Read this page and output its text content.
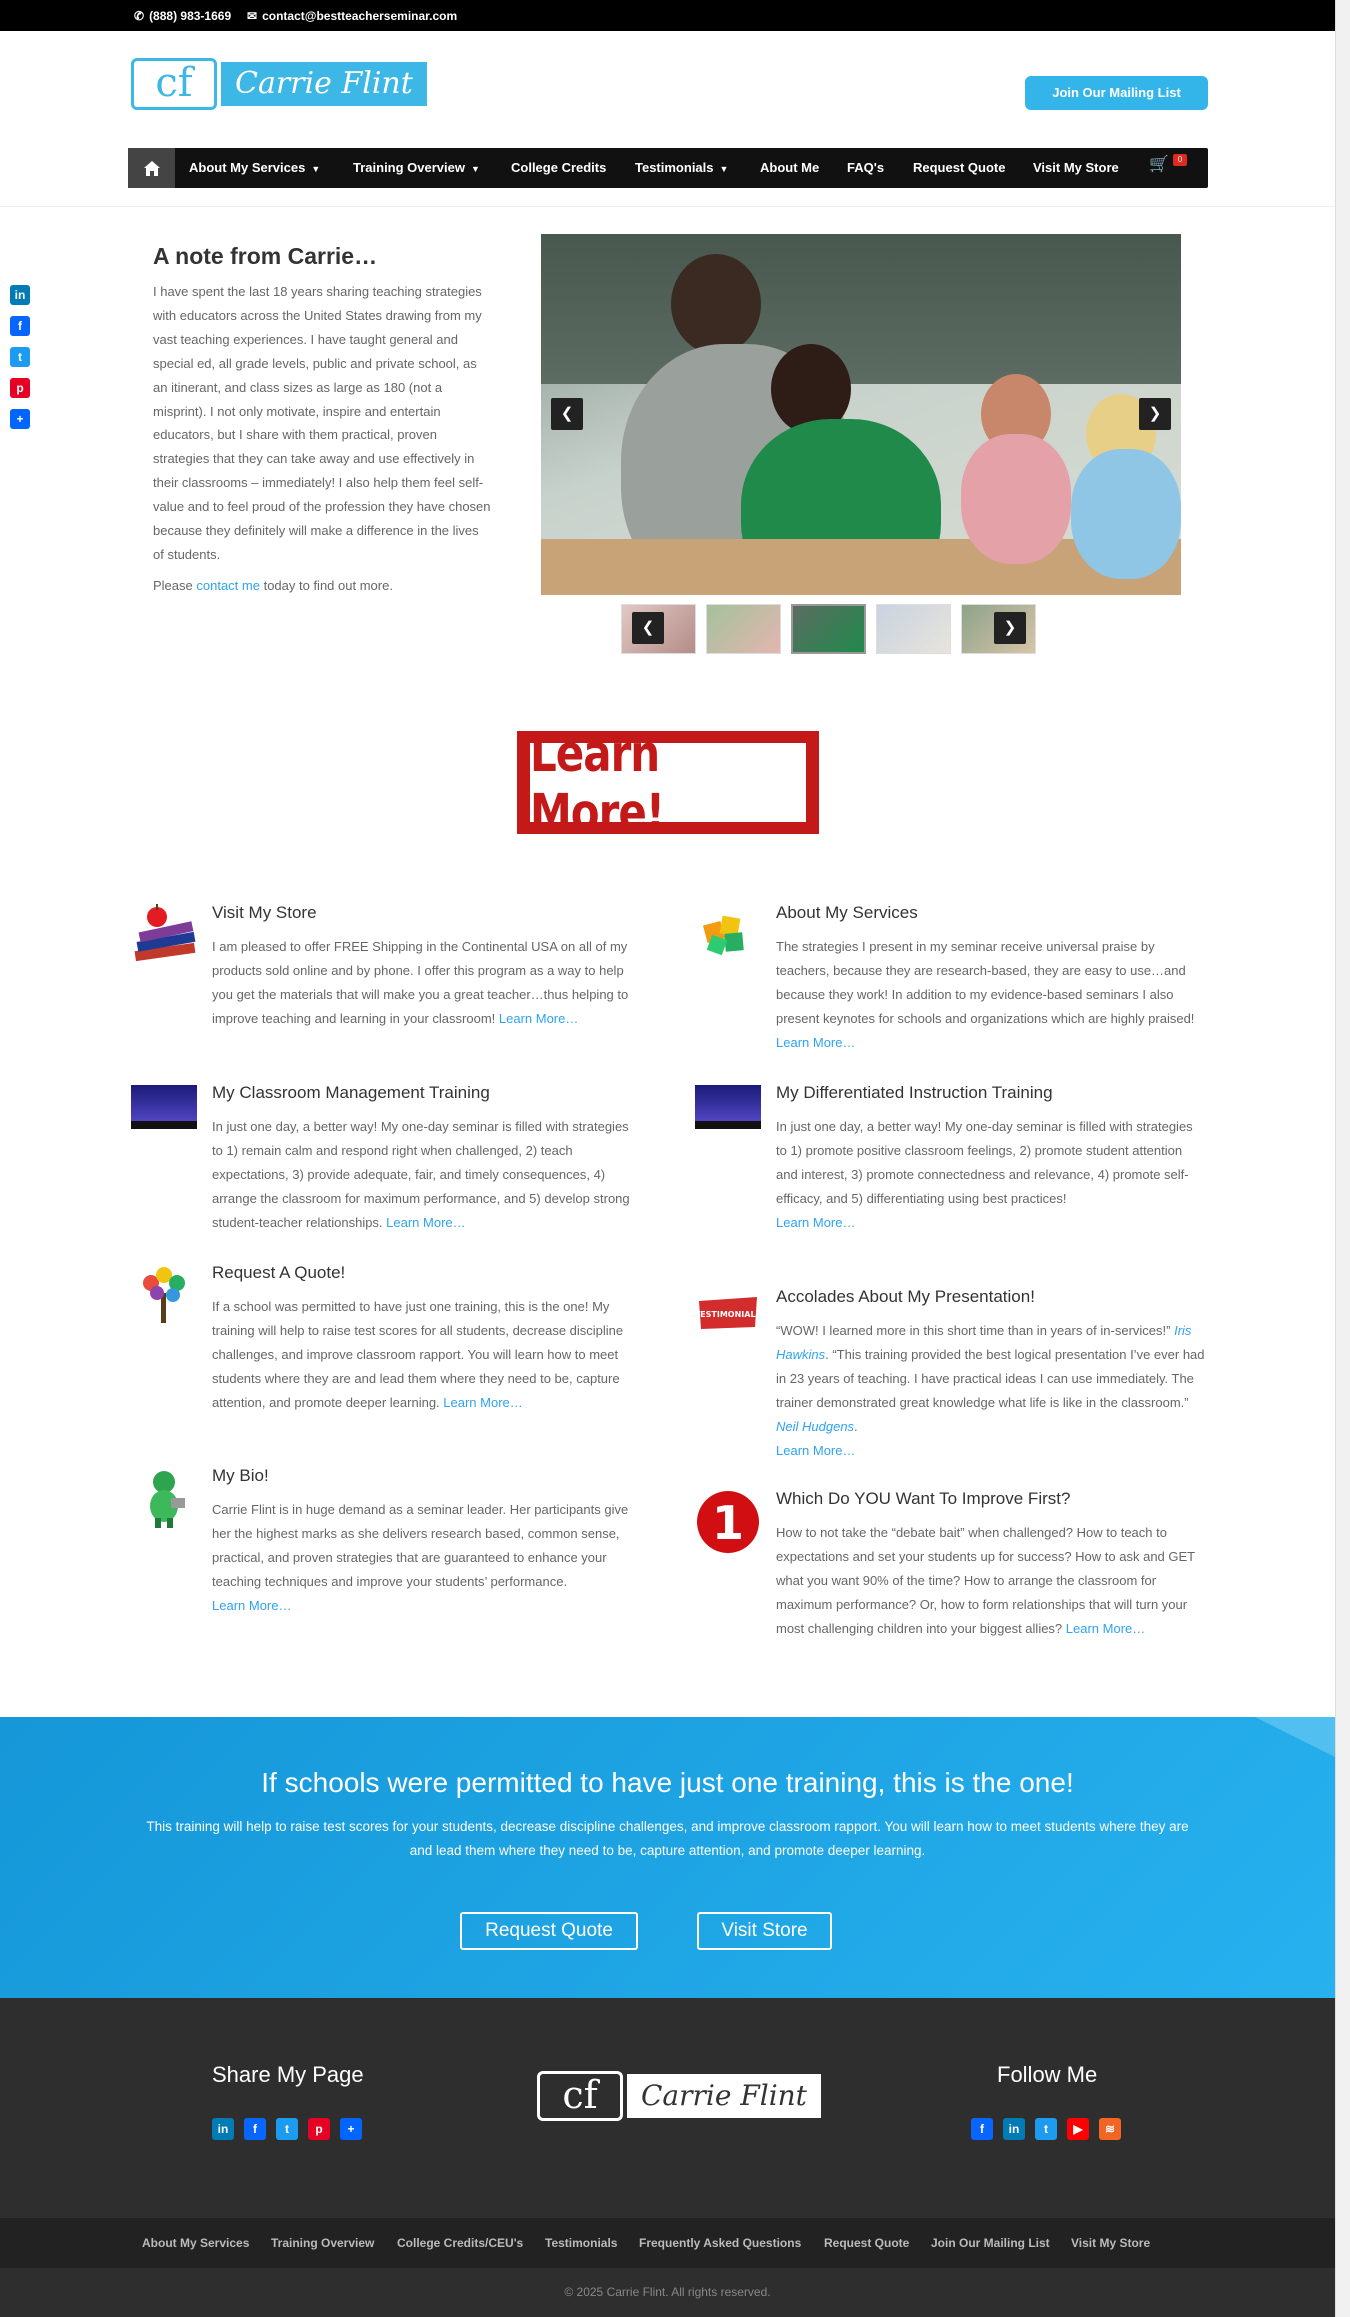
✆ (888) 983-1669 ✉ contact@bestteacherseminar.com
cf	Carrie Flint	Join Our Mailing List
About My Services ▼	Training Overview ▼ College Credits Testimonials ▼ About Me FAQ's Request Quote Visit My Store 🛒	0
in
f
t
p
+
A note from Carrie…

I have spent the last 18 years sharing teaching strategies with educators across the United States drawing from my vast teaching experiences. I have taught general and special ed, all grade levels, public and private school, as an itinerant, and class sizes as large as 180 (not a misprint). I not only motivate, inspire and entertain educators, but I share with them practical, proven strategies that they can take away and use effectively in their classrooms – immediately! I also help them feel self-value and to feel proud of the profession they have chosen because they definitely will make a difference in the lives of students.

Please contact me today to find out more.

❮	❯
❮	❯
Learn More!
Visit My Store

I am pleased to offer FREE Shipping in the Continental USA on all of my products sold online and by phone. I offer this program as a way to help you get the materials that will make you a great teacher…thus helping to improve teaching and learning in your classroom! Learn More…

My Classroom Management Training

In just one day, a better way! My one-day seminar is filled with strategies to 1) remain calm and respond right when challenged, 2) teach expectations, 3) provide adequate, fair, and timely consequences, 4) arrange the classroom for maximum performance, and 5) develop strong student-teacher relationships. Learn More…

Request A Quote!

If a school was permitted to have just one training, this is the one! My training will help to raise test scores for all students, decrease discipline challenges, and improve classroom rapport. You will learn how to meet students where they are and lead them where they need to be, capture attention, and promote deeper learning. Learn More…

My Bio!

Carrie Flint is in huge demand as a seminar leader. Her participants give her the highest marks as she delivers research based, common sense, practical, and proven strategies that are guaranteed to enhance your teaching techniques and improve your students’ performance.
Learn More…

About My Services

The strategies I present in my seminar receive universal praise by teachers, because they are research-based, they are easy to use…and because they work! In addition to my evidence-based seminars I also present keynotes for schools and organizations which are highly praised! Learn More…

My Differentiated Instruction Training

In just one day, a better way! My one-day seminar is filled with strategies to 1) promote positive classroom feelings, 2) promote student attention and interest, 3) promote connectedness and relevance, 4) promote self-efficacy, and 5) differentiating using best practices!
Learn More…

TESTIMONIALS
Accolades About My Presentation!

“WOW! I learned more in this short time than in years of in-services!” Iris Hawkins. “This training provided the best logical presentation I’ve ever had in 23 years of teaching. I have practical ideas I can use immediately. The trainer demonstrated great knowledge what life is like in the classroom.” Neil Hudgens.
Learn More…

1 Which Do YOU Want To Improve First?

How to not take the “debate bait” when challenged? How to teach to expectations and set your students up for success? How to ask and GET what you want 90% of the time? How to arrange the classroom for maximum performance? Or, how to form relationships that will turn your most challenging children into your biggest allies? Learn More…

If schools were permitted to have just one training, this is the one!

This training will help to raise test scores for your students, decrease discipline challenges, and improve classroom rapport. You will learn how to meet students where they are and lead them where they need to be, capture attention, and promote deeper learning.

Request Quote	Visit Store
Share My Page
in	f	t	p	+
cf	Carrie Flint
Follow Me
f	in	t	▶	≋
About My Services Training Overview College Credits/CEU's Testimonials Frequently Asked Questions Request Quote Join Our Mailing List Visit My Store
© 2025 Carrie Flint. All rights reserved.
